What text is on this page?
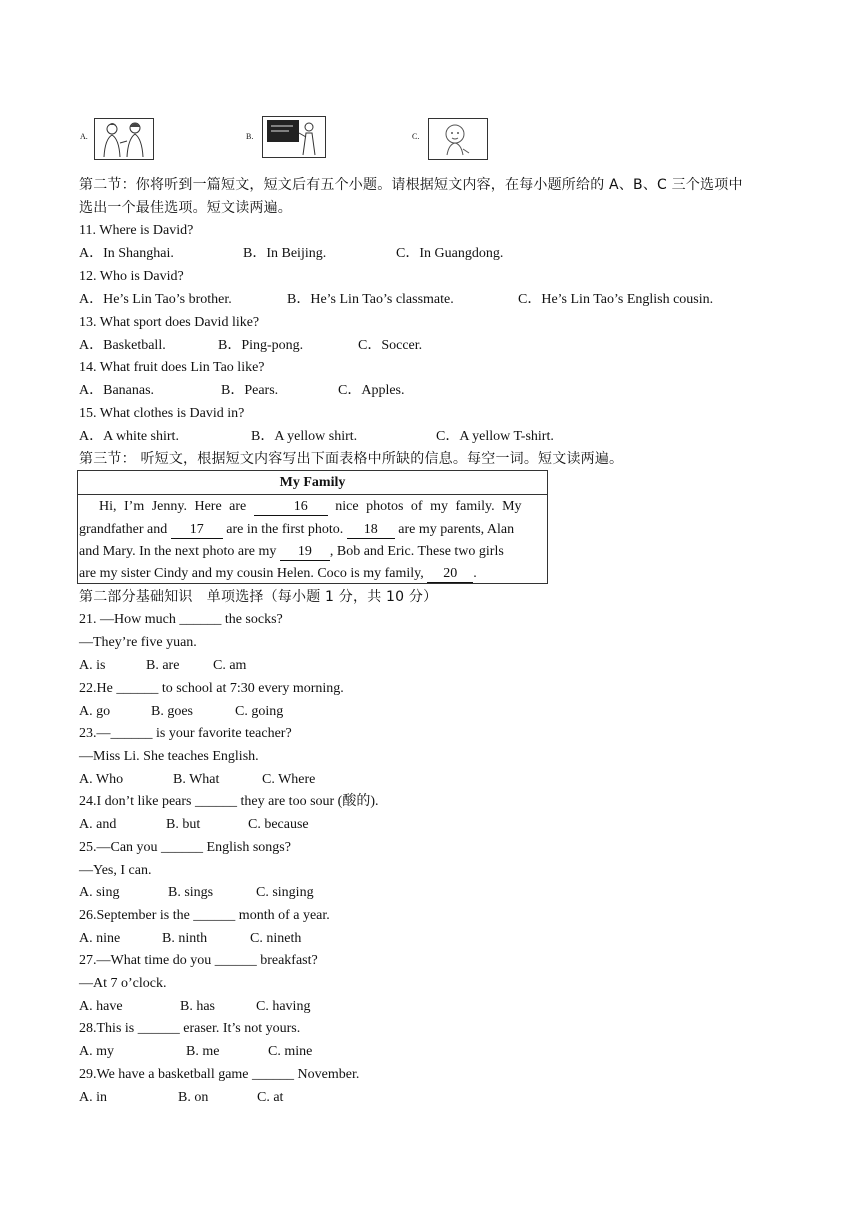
A.	B.	C.
第二节：你将听到一篇短文，短文后有五个小题。请根据短文内容，在每小题所给的 A、B、C 三个选项中
选出一个最佳选项。短文读两遍。
11. Where is David?
A．In Shanghai.	B．In Beijing.	C．In Guangdong.
12. Who is David?
A．He’s Lin Tao’s brother.	B．He’s Lin Tao’s classmate.	C．He’s Lin Tao’s English cousin.
13. What sport does David like?
A．Basketball.	B．Ping-pong.	C．Soccer.
14. What fruit does Lin Tao like?
A．Bananas.	B．Pears.	C．Apples.
15. What clothes is David in?
A．A white shirt.	B．A yellow shirt.	C．A yellow T-shirt.
第三节： 听短文，根据短文内容写出下面表格中所缺的信息。每空一词。短文读两遍。
My Family
Hi, I’m Jenny. Here are	16 nice photos of my family. My
grandfather and 17 are in the first photo. 18 are my parents, Alan
and Mary. In the next photo are my 19 , Bob and Eric. These two girls
are my sister Cindy and my cousin Helen. Coco is my family, 20 .
第二部分基础知识　单项选择（每小题 1 分，共 10 分）
21. —How much ______ the socks?
—They’re five yuan.
A. is	B. are C. am
22.He ______ to school at 7:30 every morning.
A. go	B. goes	C. going
23.—______ is your favorite teacher?
—Miss Li. She teaches English.
A. Who	B. What	C. Where
24.I don’t like pears ______ they are too sour (酸的).
A. and	B. but	C. because
25.—Can you ______ English songs?
—Yes, I can.
A. sing	B. sings	C. singing
26.September is the ______ month of a year.
A. nine	B. ninth	C. nineth
27.—What time do you ______ breakfast?
—At 7 o’clock.
A. have	B. has	C. having
28.This is ______ eraser. It’s not yours.
A. my	B. me	C. mine
29.We have a basketball game ______ November.
A. in	B. on	C. at
